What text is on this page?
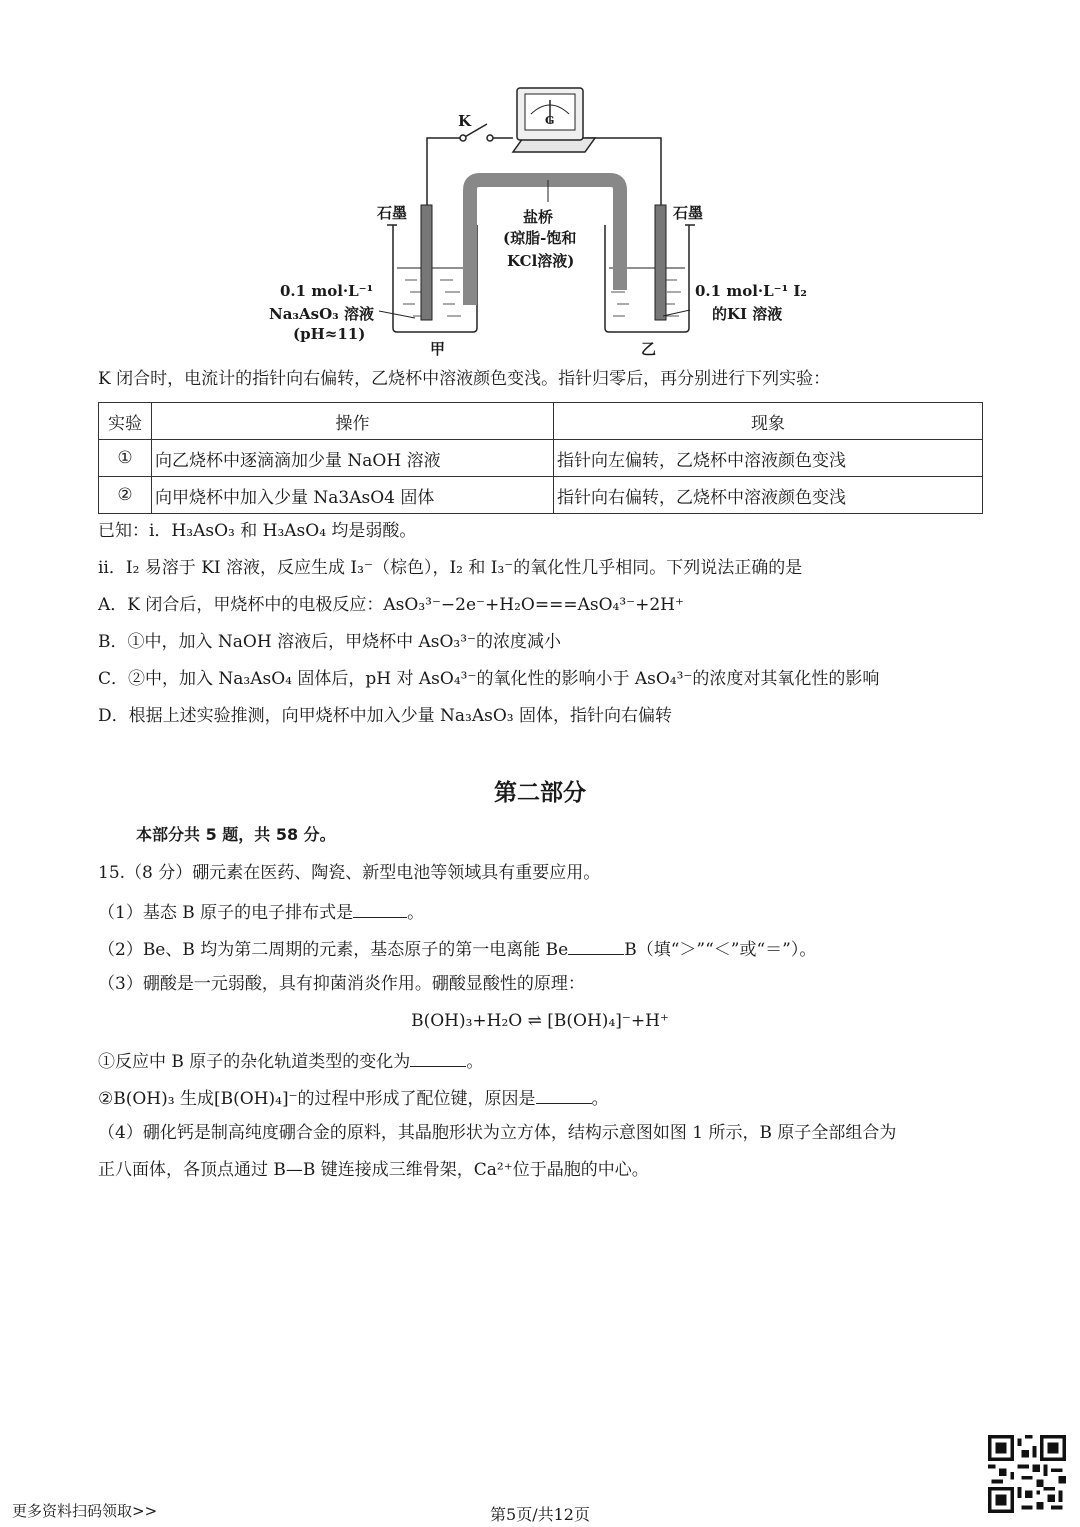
K	G
石墨	石墨
盐桥
(琼脂-饱和
KCl溶液)
0.1 mol·L⁻¹
Na₃AsO₃ 溶液
(pH≈11)
0.1 mol·L⁻¹ I₂
的KI 溶液
甲	乙
K 闭合时，电流计的指针向右偏转，乙烧杯中溶液颜色变浅。指针归零后，再分别进行下列实验：
实验	操作	现象
①	向乙烧杯中逐滴滴加少量 NaOH 溶液	指针向左偏转，乙烧杯中溶液颜色变浅
②	向甲烧杯中加入少量 Na3AsO4 固体	指针向右偏转，乙烧杯中溶液颜色变浅
已知：ⅰ．H₃AsO₃ 和 H₃AsO₄ 均是弱酸。
ⅱ．I₂ 易溶于 KI 溶液，反应生成 I₃⁻（棕色），I₂ 和 I₃⁻的氧化性几乎相同。下列说法正确的是
A．K 闭合后，甲烧杯中的电极反应：AsO₃³⁻−2e⁻+H₂O===AsO₄³⁻+2H⁺
B．①中，加入 NaOH 溶液后，甲烧杯中 AsO₃³⁻的浓度减小
C．②中，加入 Na₃AsO₄ 固体后，pH 对 AsO₄³⁻的氧化性的影响小于 AsO₄³⁻的浓度对其氧化性的影响
D．根据上述实验推测，向甲烧杯中加入少量 Na₃AsO₃ 固体，指针向右偏转
第二部分
本部分共 5 题，共 58 分。
15.（8 分）硼元素在医药、陶瓷、新型电池等领域具有重要应用。
（1）基态 B 原子的电子排布式是	。
（2）Be、B 均为第二周期的元素，基态原子的第一电离能 Be	B（填“＞”“＜”或“＝”）。
（3）硼酸是一元弱酸，具有抑菌消炎作用。硼酸显酸性的原理：
B(OH)₃+H₂O ⇌ [B(OH)₄]⁻+H⁺
①反应中 B 原子的杂化轨道类型的变化为	。
②B(OH)₃ 生成[B(OH)₄]⁻的过程中形成了配位键，原因是	。
（4）硼化钙是制高纯度硼合金的原料，其晶胞形状为立方体，结构示意图如图 1 所示，B 原子全部组合为
正八面体，各顶点通过 B—B 键连接成三维骨架，Ca²⁺位于晶胞的中心。
更多资料扫码领取>>	第5页/共12页
